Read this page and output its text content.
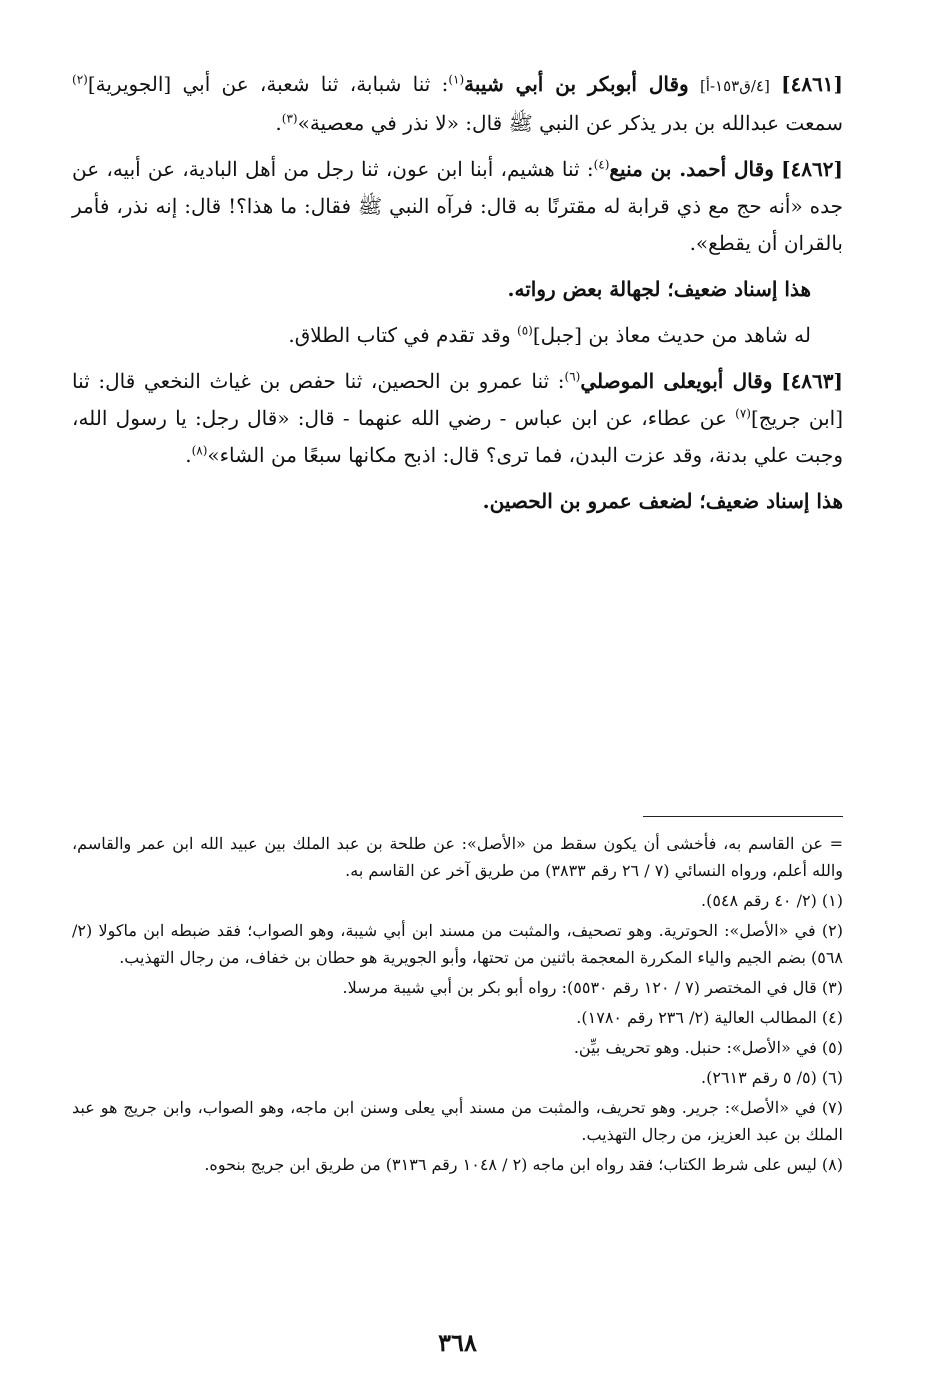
[٤٨٦١] [٤/ق١٥٣-أ] وقال أبوبكر بن أبي شيبة$^{(١)}$: ثنا شبابة، ثنا شعبة، عن أبي [الجويرية]$^{(٢)}$ سمعت عبدالله بن بدر يذكر عن النبي ﷺ قال: «لا نذر في معصية»$^{(٣)}$.

[٤٨٦٢] وقال أحمد. بن منيع$^{(٤)}$: ثنا هشيم، أبنا ابن عون، ثنا رجل من أهل البادية، عن أبيه، عن جده «أنه حج مع ذي قرابة له مقترنًا به قال: فرآه النبي ﷺ فقال: ما هذا؟! قال: إنه نذر، فأمر بالقران أن يقطع».

هذا إسناد ضعيف؛ لجهالة بعض رواته.

له شاهد من حديث معاذ بن [جبل]$^{(٥)}$ وقد تقدم في كتاب الطلاق.

[٤٨٦٣] وقال أبويعلى الموصلي$^{(٦)}$: ثنا عمرو بن الحصين، ثنا حفص بن غياث النخعي قال: ثنا [ابن جريج]$^{(٧)}$ عن عطاء، عن ابن عباس - رضي الله عنهما - قال: «قال رجل: يا رسول الله، وجبت علي بدنة، وقد عزت البدن، فما ترى؟ قال: اذبح مكانها سبعًا من الشاء»$^{(٨)}$.

هذا إسناد ضعيف؛ لضعف عمرو بن الحصين.

= عن القاسم به، فأخشى أن يكون سقط من «الأصل»: عن طلحة بن عبد الملك بين عبيد الله ابن عمر والقاسم، والله أعلم، ورواه النسائي (٧ / ٢٦ رقم ٣٨٣٣) من طريق آخر عن القاسم به.

(١) (٢/ ٤٠ رقم ٥٤٨).

(٢) في «الأصل»: الحوترية. وهو تصحيف، والمثبت من مسند ابن أبي شيبة، وهو الصواب؛ فقد ضبطه ابن ماكولا (٢/ ٥٦٨) بضم الجيم والياء المكررة المعجمة باثنين من تحتها، وأبو الجويرية هو حطان بن خفاف، من رجال التهذيب.

(٣) قال في المختصر (٧ / ١٢٠ رقم ٥٥٣٠): رواه أبو بكر بن أبي شيبة مرسلا.

(٤) المطالب العالية (٢/ ٢٣٦ رقم ١٧٨٠).

(٥) في «الأصل»: حنبل. وهو تحريف بيِّن.

(٦) (٥/ ٥ رقم ٢٦١٣).

(٧) في «الأصل»: جرير. وهو تحريف، والمثبت من مسند أبي يعلى وسنن ابن ماجه، وهو الصواب، وابن جريج هو عبد الملك بن عبد العزيز، من رجال التهذيب.

(٨) ليس على شرط الكتاب؛ فقد رواه ابن ماجه (٢ / ١٠٤٨ رقم ٣١٣٦) من طريق ابن جريج بنحوه.

٣٦٨
